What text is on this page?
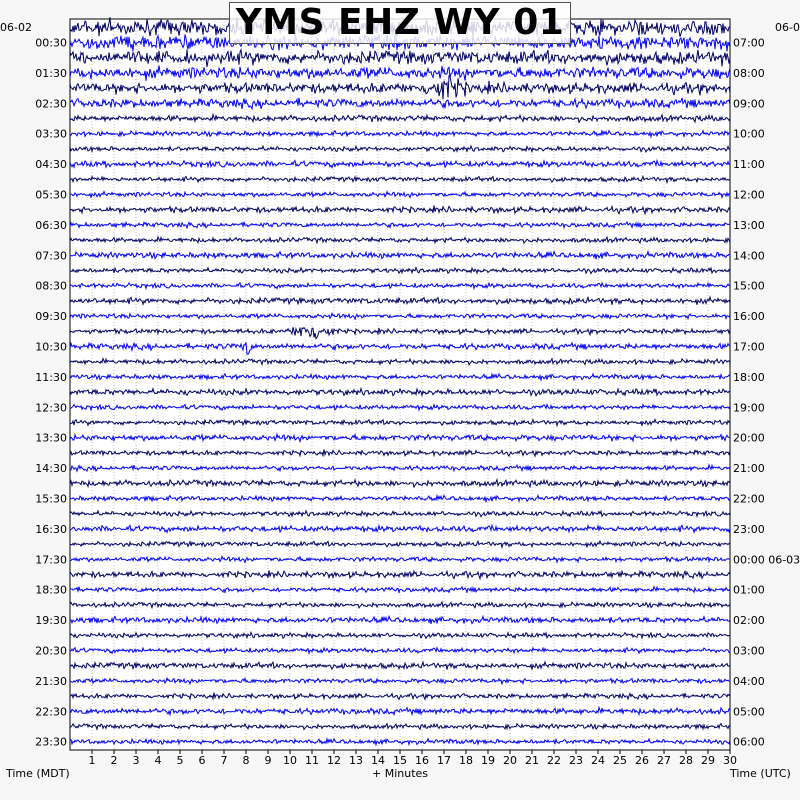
00:30
01:30
02:30
03:30
04:30
05:30
06:30
07:30
08:30
09:30
10:30
11:30
12:30
13:30
14:30
15:30
16:30
17:30
18:30
19:30
20:30
21:30
22:30
23:30
07:00
08:00
09:00
10:00
11:00
12:00
13:00
14:00
15:00
16:00
17:00
18:00
19:00
20:00
21:00
22:00
23:00
00:00 06-03
01:00
02:00
03:00
04:00
05:00
06:00
1 2 3 4 5 6 7 8 9 10 11 12 13 14 15 16 17 18 19 20 21 22 23 24 25 26 27 28 29 30
YMS EHZ WY 01
Time (MDT)	+ Minutes	Time (UTC)
06-02	06-0
